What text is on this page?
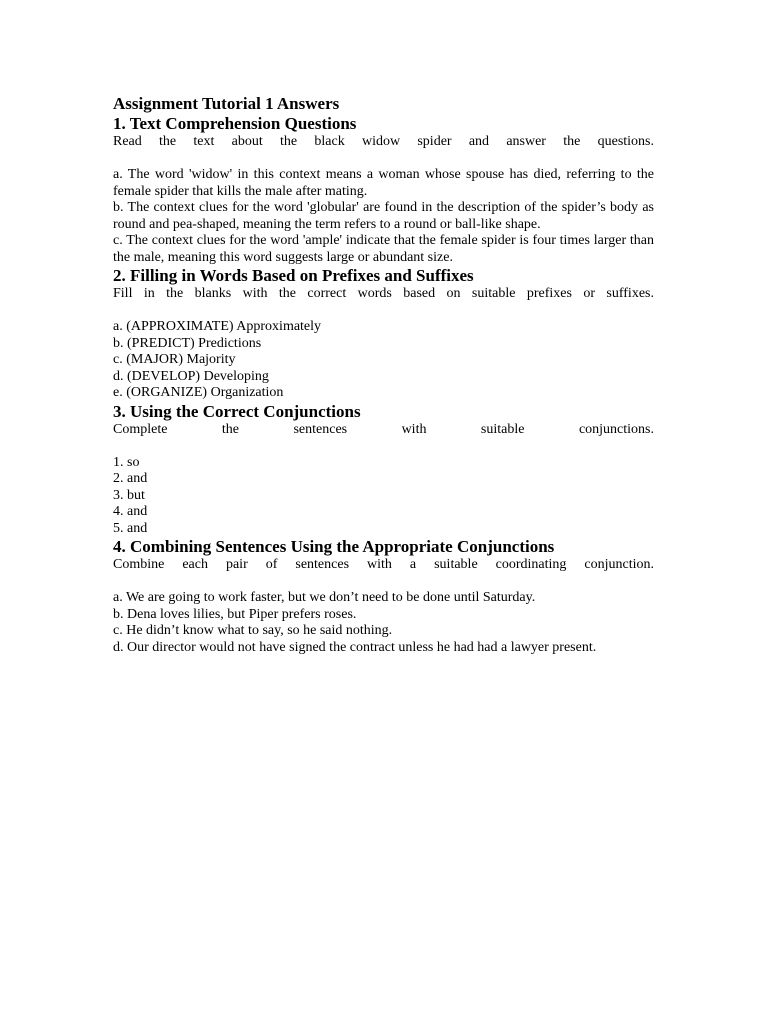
Assignment Tutorial 1 Answers
1. Text Comprehension Questions

Read the text about the black widow spider and answer the questions.

a. The word 'widow' in this context means a woman whose spouse has died, referring to the female spider that kills the male after mating.
b. The context clues for the word 'globular' are found in the description of the spider’s body as round and pea-shaped, meaning the term refers to a round or ball-like shape.
c. The context clues for the word 'ample' indicate that the female spider is four times larger than the male, meaning this word suggests large or abundant size.
2. Filling in Words Based on Prefixes and Suffixes

Fill in the blanks with the correct words based on suitable prefixes or suffixes.

a. (APPROXIMATE) Approximately
b. (PREDICT) Predictions
c. (MAJOR) Majority
d. (DEVELOP) Developing
e. (ORGANIZE) Organization
3. Using the Correct Conjunctions

Complete the sentences with suitable conjunctions.

1. so
2. and
3. but
4. and
5. and
4. Combining Sentences Using the Appropriate Conjunctions

Combine each pair of sentences with a suitable coordinating conjunction.

a. We are going to work faster, but we don’t need to be done until Saturday.
b. Dena loves lilies, but Piper prefers roses.
c. He didn’t know what to say, so he said nothing.
d. Our director would not have signed the contract unless he had had a lawyer present.
